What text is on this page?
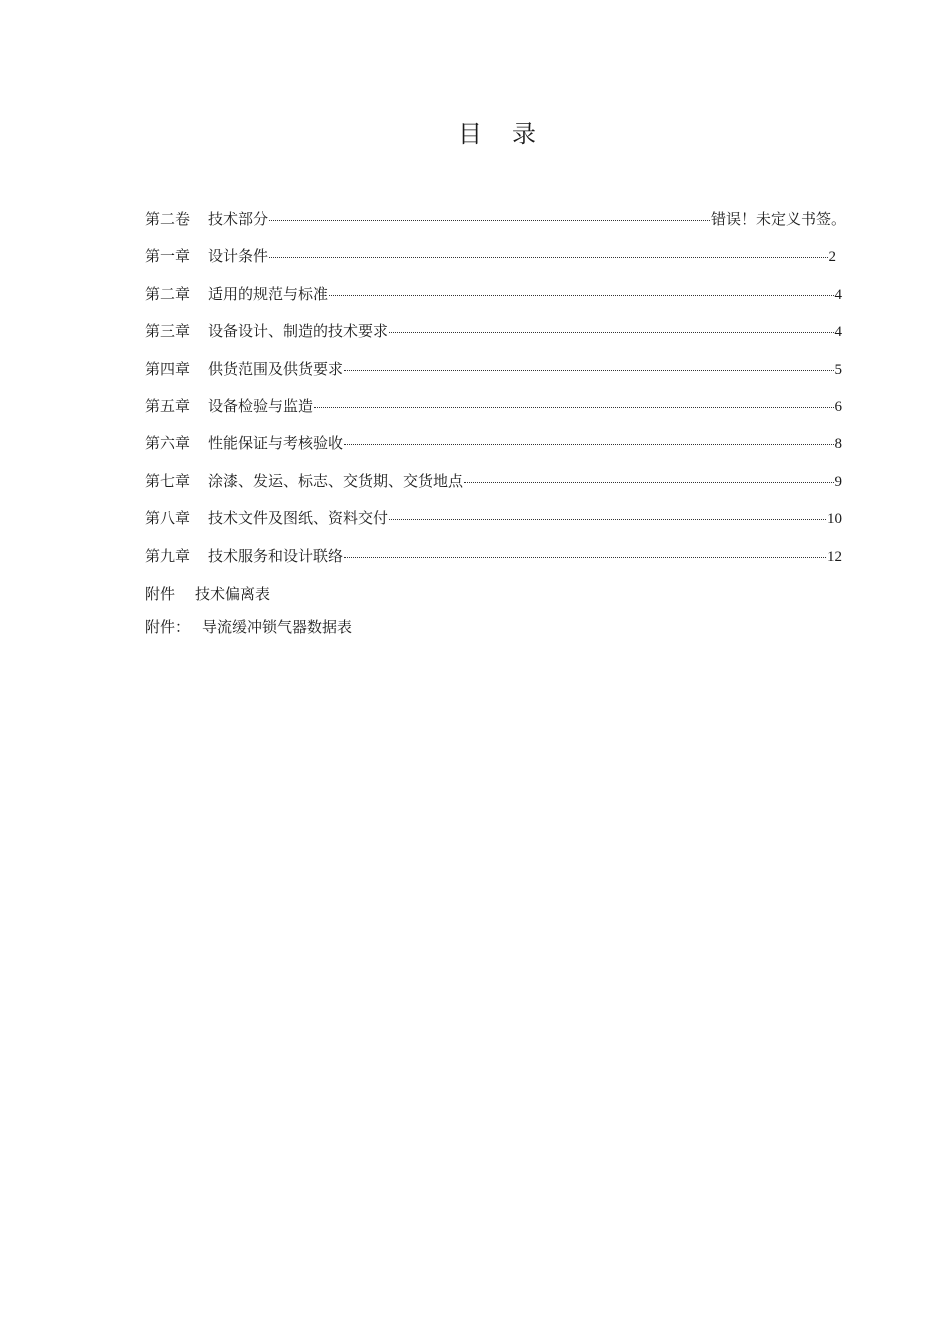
目 录
第二卷 技术部分	错误！未定义书签。
第一章 设计条件	2
第二章 适用的规范与标准	4
第三章 设备设计、制造的技术要求	4
第四章 供货范围及供货要求	5
第五章 设备检验与监造	6
第六章 性能保证与考核验收	8
第七章 涂漆、发运、标志、交货期、交货地点	9
第八章 技术文件及图纸、资料交付	10
第九章 技术服务和设计联络	12
附件 技术偏离表
附件： 导流缓冲锁气器数据表
